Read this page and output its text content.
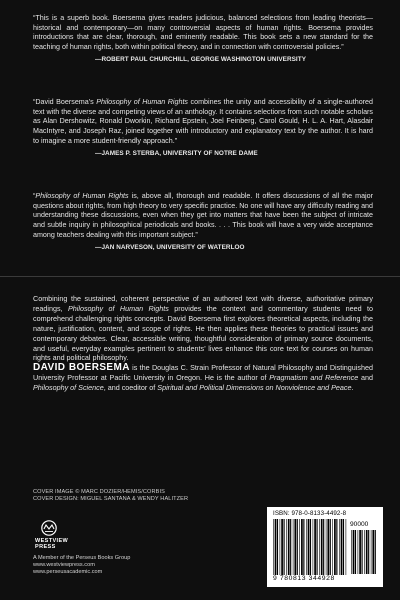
“This is a superb book. Boersema gives readers judicious, balanced selections from leading theorists—historical and contemporary—on many controversial aspects of human rights. Boersema provides introductions that are clear, thorough, and eminently readable. This book sets a new standard for the teaching of human rights, both within political theory, and in connection with controversial policies.”

—ROBERT PAUL CHURCHILL, GEORGE WASHINGTON UNIVERSITY

“David Boersema’s Philosophy of Human Rights combines the unity and accessibility of a single-authored text with the diverse and competing views of an anthology. It contains selections from such notable scholars as Alan Dershowitz, Ronald Dworkin, Richard Epstein, Joel Feinberg, Carol Gould, H. L. A. Hart, Alasdair MacIntyre, and Joseph Raz, joined together with introductory and explanatory text by the author. It is hard to imagine a more student-friendly approach.”

—JAMES P. STERBA, UNIVERSITY OF NOTRE DAME

“Philosophy of Human Rights is, above all, thorough and readable. It offers discussions of all the major questions about rights, from high theory to very specific practice. No one will have any difficulty reading and understanding these discussions, even when they get into matters that have been the subject of intricate and subtle inquiry in philosophical periodicals and books. . . . This book will have a very wide acceptance among teachers dealing with this important subject.”

—JAN NARVESON, UNIVERSITY OF WATERLOO

Combining the sustained, coherent perspective of an authored text with diverse, authoritative primary readings, Philosophy of Human Rights provides the context and commentary students need to comprehend challenging rights concepts. David Boersema first explores theoretical aspects, including the nature, justification, content, and scope of rights. He then applies these theories to practical issues and contemporary debates. Clear, accessible writing, thoughtful consideration of primary source documents, and useful, everyday examples pertinent to students’ lives enhance this core text for courses on human rights and political philosophy.

DAVID BOERSEMA is the Douglas C. Strain Professor of Natural Philosophy and Distinguished University Professor at Pacific University in Oregon. He is the author of Pragmatism and Reference and Philosophy of Science, and coeditor of Spiritual and Political Dimensions on Nonviolence and Peace.

COVER IMAGE © MARC DOZIER/HEMIS/CORBIS
COVER DESIGN: MIGUEL SANTANA & WENDY HALITZER
WESTVIEW
PRESS
A Member of the Perseus Books Group
www.westviewpress.com
www.perseusacademic.com
ISBN: 978-0-8133-4492-8
90000
9 780813 344928
